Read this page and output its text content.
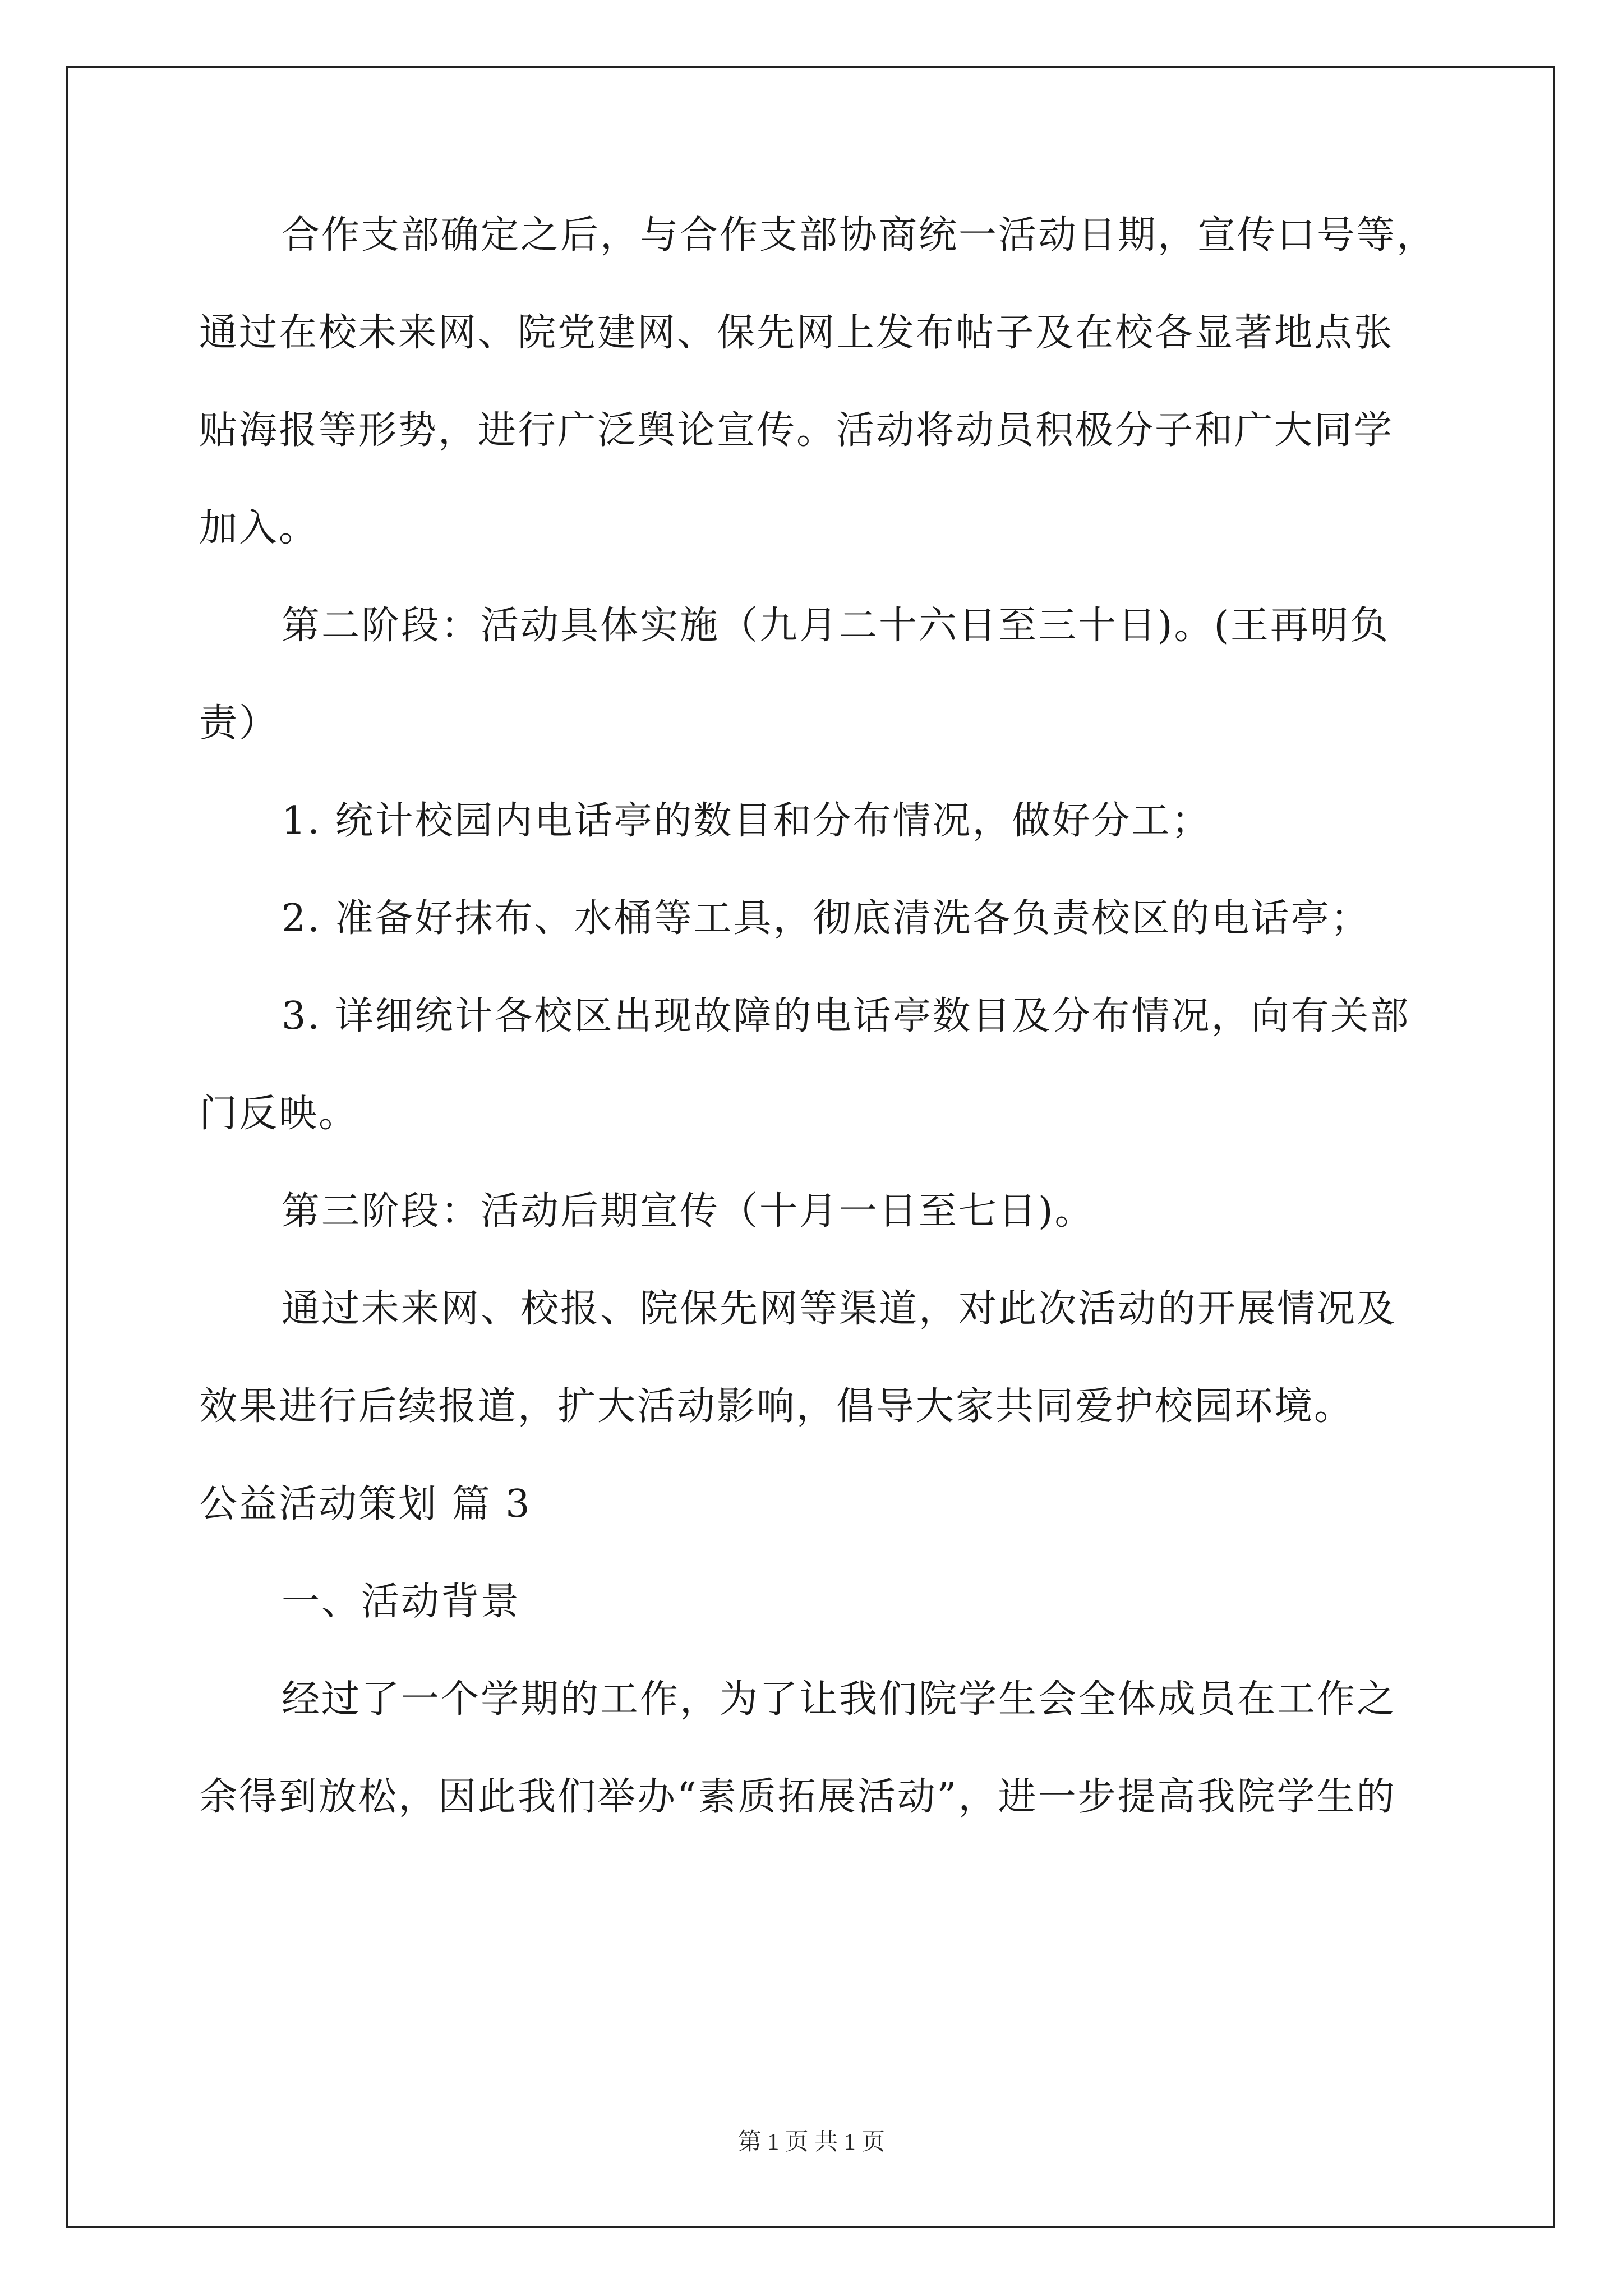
合作支部确定之后，与合作支部协商统一活动日期，宣传口号等，
通过在校未来网、院党建网、保先网上发布帖子及在校各显著地点张
贴海报等形势，进行广泛舆论宣传。活动将动员积极分子和广大同学
加入。
第二阶段：活动具体实施（九月二十六日至三十日)。(王再明负
责）
1. 统计校园内电话亭的数目和分布情况，做好分工；
2. 准备好抹布、水桶等工具，彻底清洗各负责校区的电话亭；
3. 详细统计各校区出现故障的电话亭数目及分布情况，向有关部
门反映。
第三阶段：活动后期宣传（十月一日至七日)。
通过未来网、校报、院保先网等渠道，对此次活动的开展情况及
效果进行后续报道，扩大活动影响，倡导大家共同爱护校园环境。
公益活动策划 篇 3
一、活动背景
经过了一个学期的工作，为了让我们院学生会全体成员在工作之
余得到放松，因此我们举办“素质拓展活动”，进一步提高我院学生的
第 1 页 共 1 页
